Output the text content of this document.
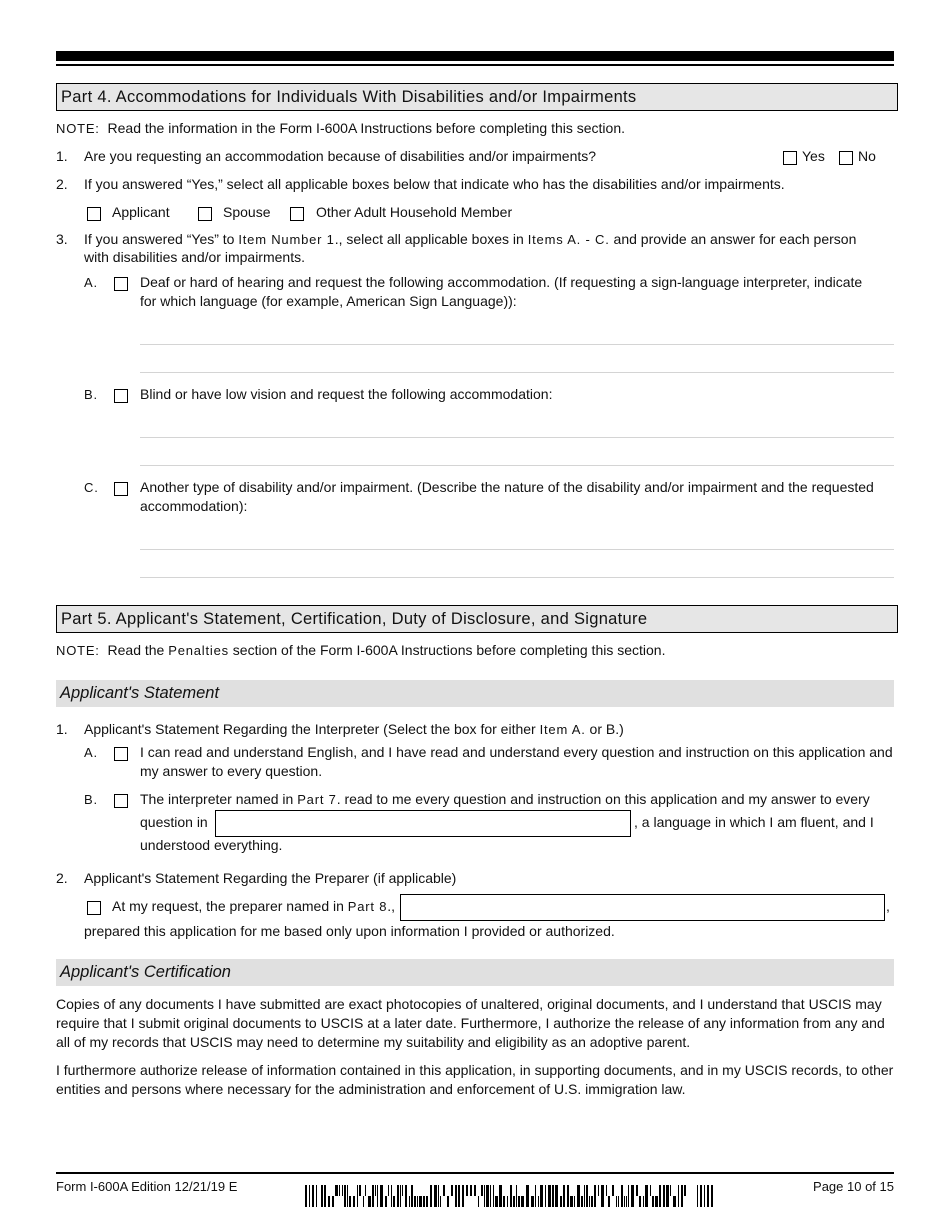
Part 4. Accommodations for Individuals With Disabilities and/or Impairments
NOTE: Read the information in the Form I-600A Instructions before completing this section.
1. Are you requesting an accommodation because of disabilities and/or impairments?	Yes No
2. If you answered “Yes,” select all applicable boxes below that indicate who has the disabilities and/or impairments.
Applicant	Spouse	Other Adult Household Member
3. If you answered “Yes” to Item Number 1., select all applicable boxes in Items A. - C. and provide an answer for each person
with disabilities and/or impairments.
A.	Deaf or hard of hearing and request the following accommodation. (If requesting a sign-language interpreter, indicate
for which language (for example, American Sign Language)):
B.	Blind or have low vision and request the following accommodation:
C.	Another type of disability and/or impairment. (Describe the nature of the disability and/or impairment and the requested
accommodation):
Part 5. Applicant's Statement, Certification, Duty of Disclosure, and Signature
NOTE: Read the Penalties section of the Form I-600A Instructions before completing this section.
Applicant's Statement
1. Applicant's Statement Regarding the Interpreter (Select the box for either Item A. or B.)
A.	I can read and understand English, and I have read and understand every question and instruction on this application and
my answer to every question.
B.	The interpreter named in Part 7. read to me every question and instruction on this application and my answer to every
question in	, a language in which I am fluent, and I
understood everything.
2. Applicant's Statement Regarding the Preparer (if applicable)
At my request, the preparer named in Part 8.,	,
prepared this application for me based only upon information I provided or authorized.
Applicant's Certification
Copies of any documents I have submitted are exact photocopies of unaltered, original documents, and I understand that USCIS may require that I submit original documents to USCIS at a later date. Furthermore, I authorize the release of any information from any and all of my records that USCIS may need to determine my suitability and eligibility as an adoptive parent.
I furthermore authorize release of information contained in this application, in supporting documents, and in my USCIS records, to other entities and persons where necessary for the administration and enforcement of U.S. immigration law.
Form I-600A Edition 12/21/19 E	Page 10 of 15
